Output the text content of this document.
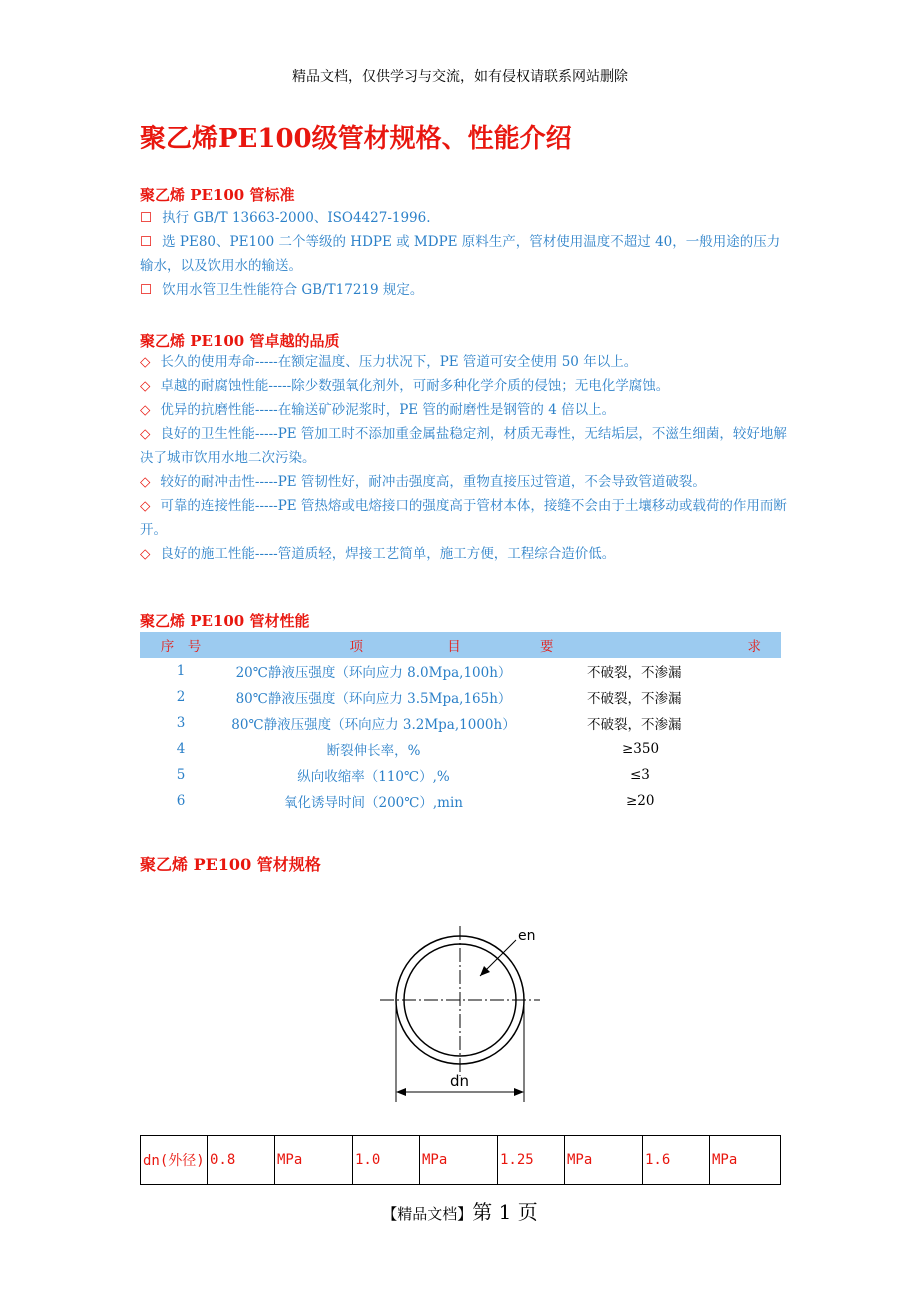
精品文档，仅供学习与交流，如有侵权请联系网站删除
聚乙烯PE100级管材规格、性能介绍
聚乙烯 PE100 管标准
☐ 执行 GB/T 13663-2000、ISO4427-1996.
☐ 选 PE80、PE100 二个等级的 HDPE 或 MDPE 原料生产，管材使用温度不超过 40，一般用途的压力输水，以及饮用水的输送。
☐ 饮用水管卫生性能符合 GB/T17219 规定。
聚乙烯 PE100 管卓越的品质
◇ 长久的使用寿命-----在额定温度、压力状况下，PE 管道可安全使用 50 年以上。
◇ 卓越的耐腐蚀性能-----除少数强氧化剂外，可耐多种化学介质的侵蚀；无电化学腐蚀。
◇ 优异的抗磨性能-----在输送矿砂泥浆时，PE 管的耐磨性是钢管的 4 倍以上。
◇ 良好的卫生性能-----PE 管加工时不添加重金属盐稳定剂，材质无毒性，无结垢层，不滋生细菌，较好地解决了城市饮用水地二次污染。
◇ 较好的耐冲击性-----PE 管韧性好，耐冲击强度高，重物直接压过管道，不会导致管道破裂。
◇ 可靠的连接性能-----PE 管热熔或电熔接口的强度高于管材本体，接缝不会由于土壤移动或载荷的作用而断开。
◇ 良好的施工性能-----管道质轻，焊接工艺简单，施工方便，工程综合造价低。
聚乙烯 PE100 管材性能
序　号	项	目	要	求
1	20℃静液压强度（环向应力 8.0Mpa,100h）		不破裂，不渗漏	
2	80℃静液压强度（环向应力 3.5Mpa,165h）		不破裂，不渗漏	
3	80℃静液压强度（环向应力 3.2Mpa,1000h）		不破裂，不渗漏	
4	断裂伸长率，%		≥350	
5	纵向收缩率（110℃）,%		≤3	
6	氧化诱导时间（200℃）,min		≥20	
聚乙烯 PE100 管材规格
en
dn
dn(外径)	0.8	MPa	1.0	MPa	1.25	MPa	1.6	MPa
【精品文档】第 1 页
